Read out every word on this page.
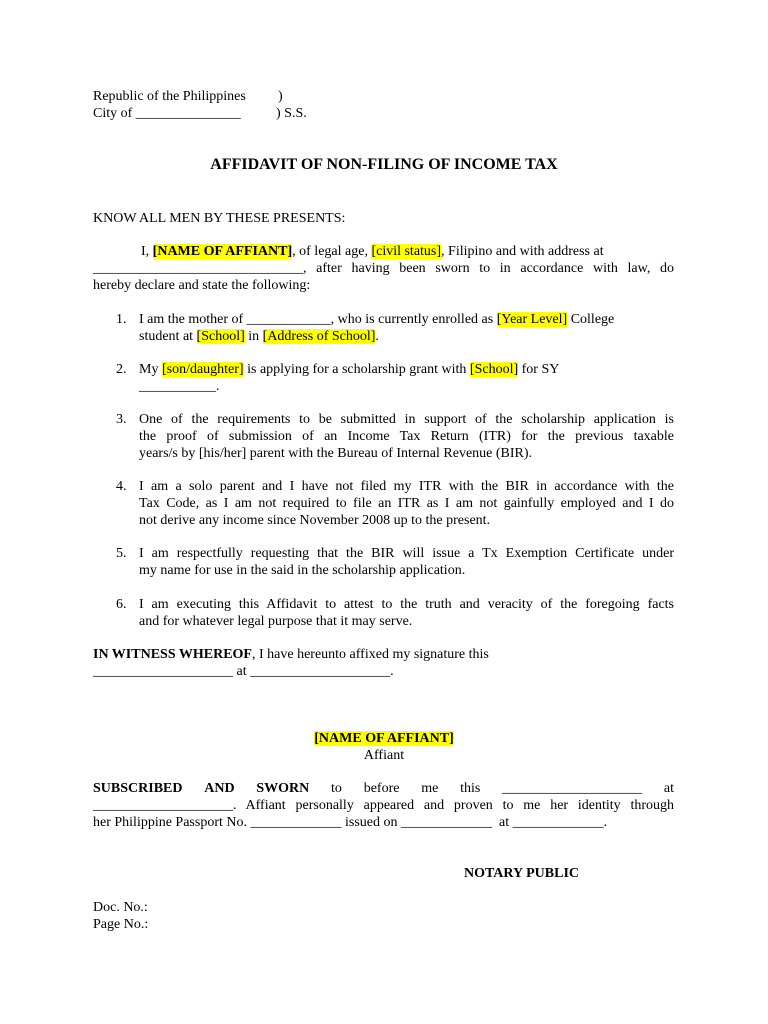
Republic of the Philippines )
City of _______________	) S.S.
AFFIDAVIT OF NON-FILING OF INCOME TAX
KNOW ALL MEN BY THESE PRESENTS:
I, [NAME OF AFFIANT], of legal age, [civil status], Filipino and with address at
______________________________, after having been sworn to in accordance with law, do
hereby declare and state the following:
1. I am the mother of ____________, who is currently enrolled as [Year Level] College
student at [School] in [Address of School].
2. My [son/daughter] is applying for a scholarship grant with [School] for SY
___________.
3. One of the requirements to be submitted in support of the scholarship application is
the proof of submission of an Income Tax Return (ITR) for the previous taxable
years/s by [his/her] parent with the Bureau of Internal Revenue (BIR).
4. I am a solo parent and I have not filed my ITR with the BIR in accordance with the
Tax Code, as I am not required to file an ITR as I am not gainfully employed and I do
not derive any income since November 2008 up to the present.
5. I am respectfully requesting that the BIR will issue a Tx Exemption Certificate under
my name for use in the said in the scholarship application.
6. I am executing this Affidavit to attest to the truth and veracity of the foregoing facts
and for whatever legal purpose that it may serve.
IN WITNESS WHEREOF, I have hereunto affixed my signature this
____________________ at ____________________.
[NAME OF AFFIANT]
Affiant
SUBSCRIBED AND SWORN to before me this ____________________ at
____________________. Affiant personally appeared and proven to me her identity through
her Philippine Passport No. _____________ issued on _____________  at _____________.
NOTARY PUBLIC
Doc. No.:
Page No.:
